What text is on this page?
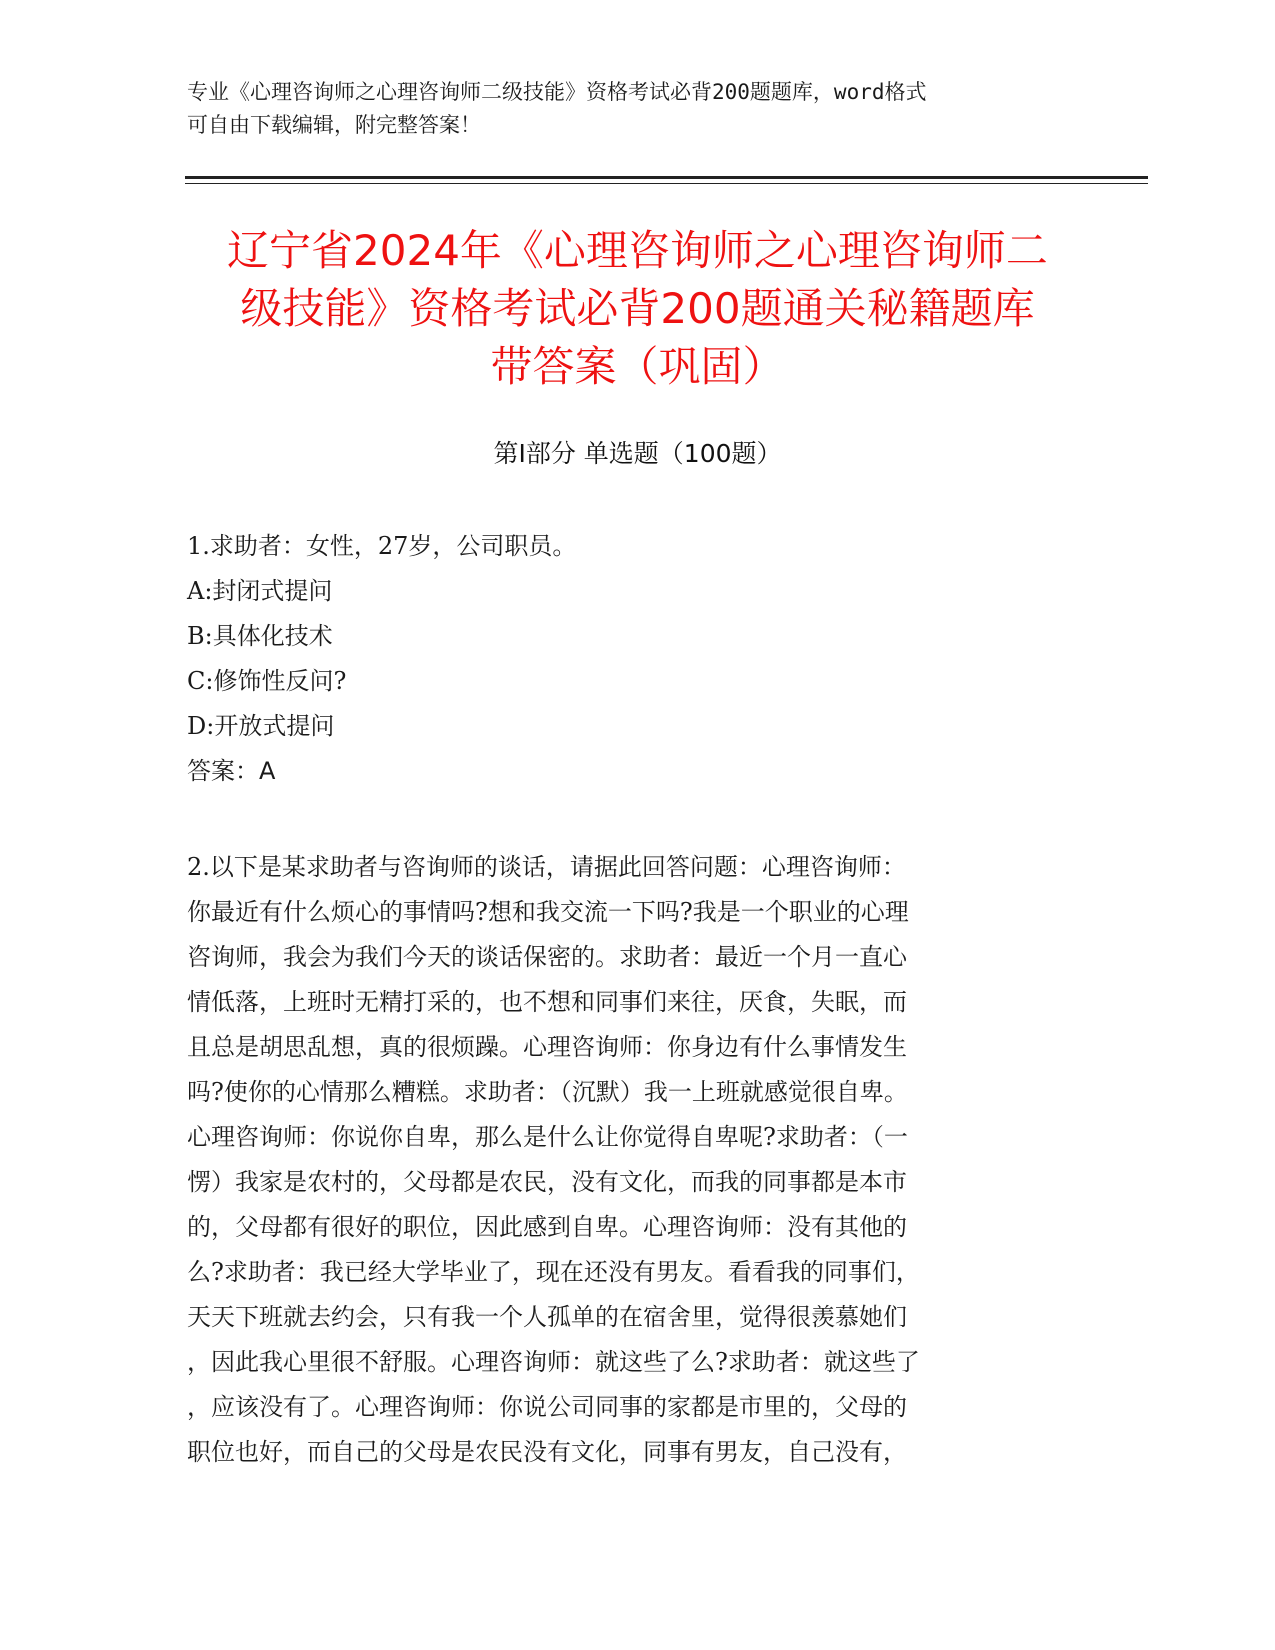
专业《心理咨询师之心理咨询师二级技能》资格考试必背200题题库，word格式
可自由下载编辑，附完整答案！
辽宁省2024年《心理咨询师之心理咨询师二
级技能》资格考试必背200题通关秘籍题库
带答案（巩固）
第I部分 单选题（100题）
1.求助者：女性，27岁，公司职员。
A:封闭式提问
B:具体化技术
C:修饰性反问?
D:开放式提问
答案：A
2.以下是某求助者与咨询师的谈话，请据此回答问题：心理咨询师：
你最近有什么烦心的事情吗?想和我交流一下吗?我是一个职业的心理
咨询师，我会为我们今天的谈话保密的。求助者：最近一个月一直心
情低落，上班时无精打采的，也不想和同事们来往，厌食，失眠，而
且总是胡思乱想，真的很烦躁。心理咨询师：你身边有什么事情发生
吗?使你的心情那么糟糕。求助者：（沉默）我一上班就感觉很自卑。
心理咨询师：你说你自卑，那么是什么让你觉得自卑呢?求助者：（一
愣）我家是农村的，父母都是农民，没有文化，而我的同事都是本市
的，父母都有很好的职位，因此感到自卑。心理咨询师：没有其他的
么?求助者：我已经大学毕业了，现在还没有男友。看看我的同事们，
天天下班就去约会，只有我一个人孤单的在宿舍里，觉得很羡慕她们
，因此我心里很不舒服。心理咨询师：就这些了么?求助者：就这些了
，应该没有了。心理咨询师：你说公司同事的家都是市里的，父母的
职位也好，而自己的父母是农民没有文化，同事有男友，自己没有，
